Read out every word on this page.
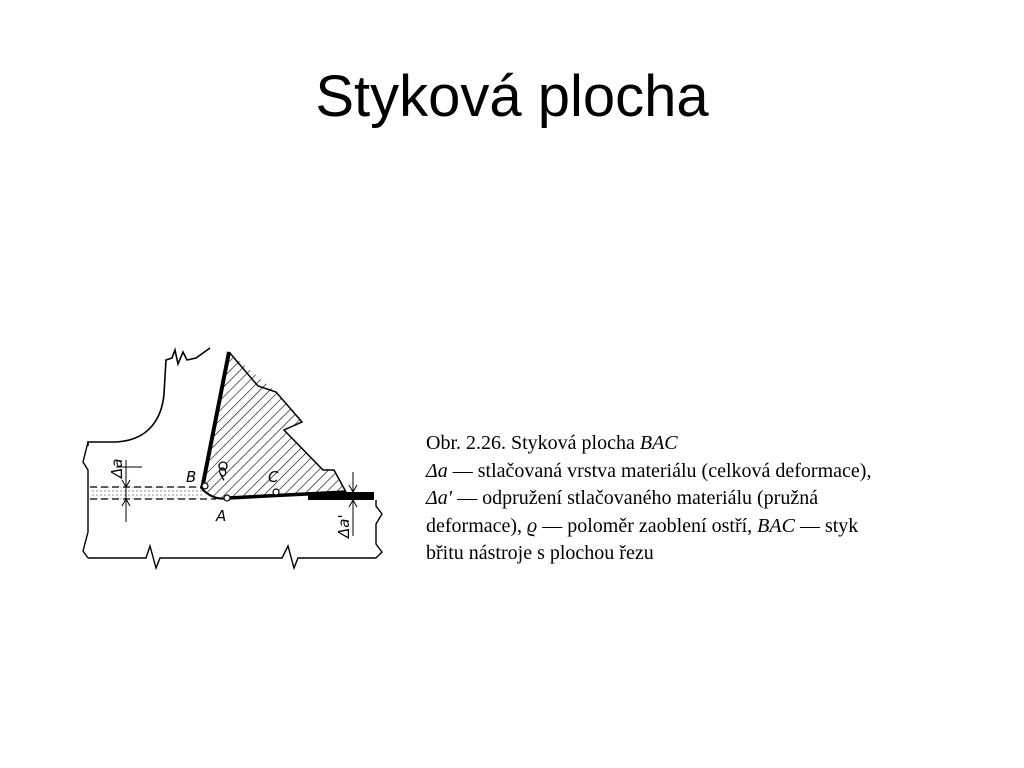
Styková plocha
Δa
Δa'
B	C
A
ρ
Obr. 2.26. Styková plocha BAC
Δa — stlačovaná vrstva materiálu (celková deformace),
Δa′ — odpružení stlačovaného materiálu (pružná
deformace), ϱ — poloměr zaoblení ostří, BAC — styk
břitu nástroje s plochou řezu
